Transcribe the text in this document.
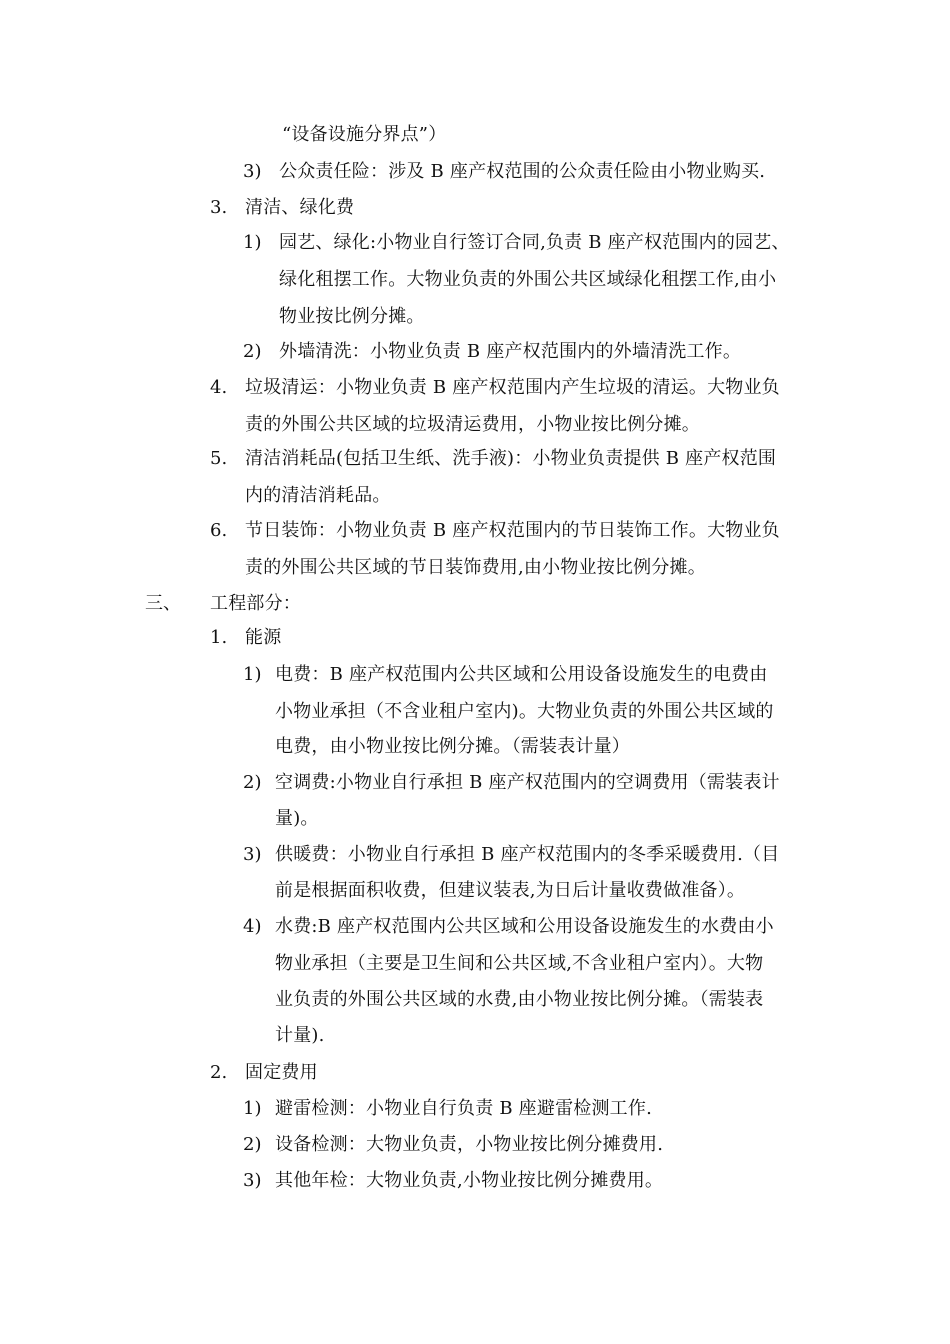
“设备设施分界点”）
3) 公众责任险：涉及 B 座产权范围的公众责任险由小物业购买.
3. 清洁、绿化费
1) 园艺、绿化:小物业自行签订合同,负责 B 座产权范围内的园艺、
绿化租摆工作。大物业负责的外围公共区域绿化租摆工作,由小
物业按比例分摊。
2) 外墙清洗：小物业负责 B 座产权范围内的外墙清洗工作。
4. 垃圾清运：小物业负责 B 座产权范围内产生垃圾的清运。大物业负
责的外围公共区域的垃圾清运费用，小物业按比例分摊。
5. 清洁消耗品(包括卫生纸、洗手液)：小物业负责提供 B 座产权范围
内的清洁消耗品。
6. 节日装饰：小物业负责 B 座产权范围内的节日装饰工作。大物业负
责的外围公共区域的节日装饰费用,由小物业按比例分摊。
三、 工程部分：
1. 能源
1) 电费：B 座产权范围内公共区域和公用设备设施发生的电费由
小物业承担（不含业租户室内)。大物业负责的外围公共区域的
电费，由小物业按比例分摊。（需装表计量）
2) 空调费:小物业自行承担 B 座产权范围内的空调费用（需装表计
量)。
3) 供暖费：小物业自行承担 B 座产权范围内的冬季采暖费用.（目
前是根据面积收费，但建议装表,为日后计量收费做准备）。
4) 水费:B 座产权范围内公共区域和公用设备设施发生的水费由小
物业承担（主要是卫生间和公共区域,不含业租户室内）。大物
业负责的外围公共区域的水费,由小物业按比例分摊。（需装表
计量).
2. 固定费用
1) 避雷检测：小物业自行负责 B 座避雷检测工作.
2) 设备检测：大物业负责，小物业按比例分摊费用.
3) 其他年检：大物业负责,小物业按比例分摊费用。
